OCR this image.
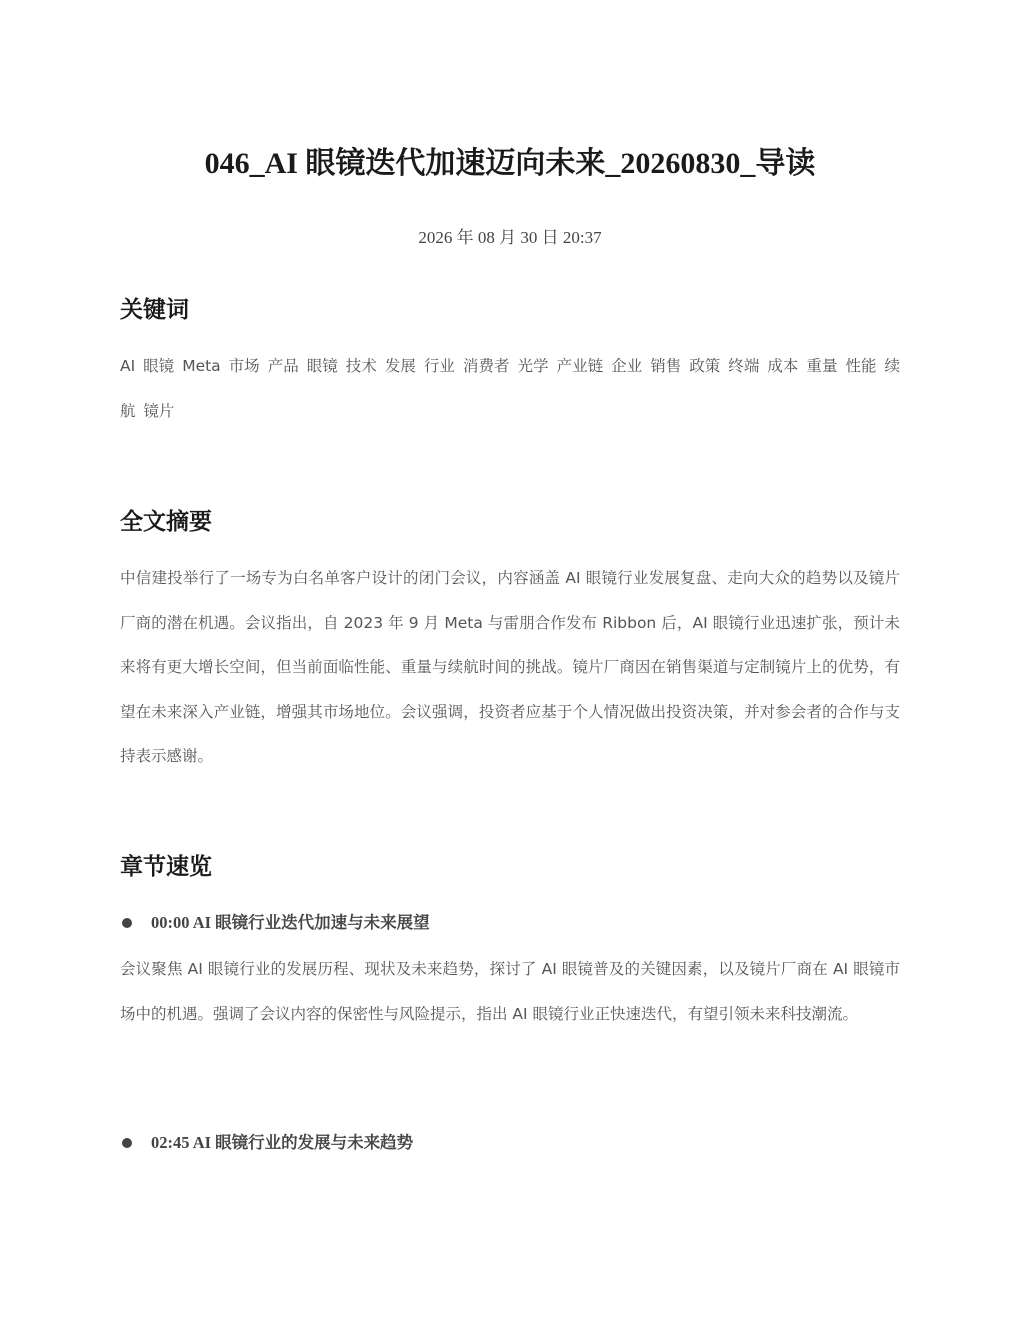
046_AI 眼镜迭代加速迈向未来_20260830_导读
2026 年 08 月 30 日 20:37
关键词

AI 眼镜 Meta 市场 产品 眼镜 技术 发展 行业 消费者 光学 产业链 企业 销售 政策 终端 成本 重量 性能 续航 镜片

全文摘要

中信建投举行了一场专为白名单客户设计的闭门会议，内容涵盖 AI 眼镜行业发展复盘、走向大众的趋势以及镜片厂商的潜在机遇。会议指出，自 2023 年 9 月 Meta 与雷朋合作发布 Ribbon 后，AI 眼镜行业迅速扩张，预计未来将有更大增长空间，但当前面临性能、重量与续航时间的挑战。镜片厂商因在销售渠道与定制镜片上的优势，有望在未来深入产业链，增强其市场地位。会议强调，投资者应基于个人情况做出投资决策，并对参会者的合作与支持表示感谢。

章节速览
00:00 AI 眼镜行业迭代加速与未来展望

会议聚焦 AI 眼镜行业的发展历程、现状及未来趋势，探讨了 AI 眼镜普及的关键因素，以及镜片厂商在 AI 眼镜市场中的机遇。强调了会议内容的保密性与风险提示，指出 AI 眼镜行业正快速迭代，有望引领未来科技潮流。

02:45 AI 眼镜行业的发展与未来趋势
